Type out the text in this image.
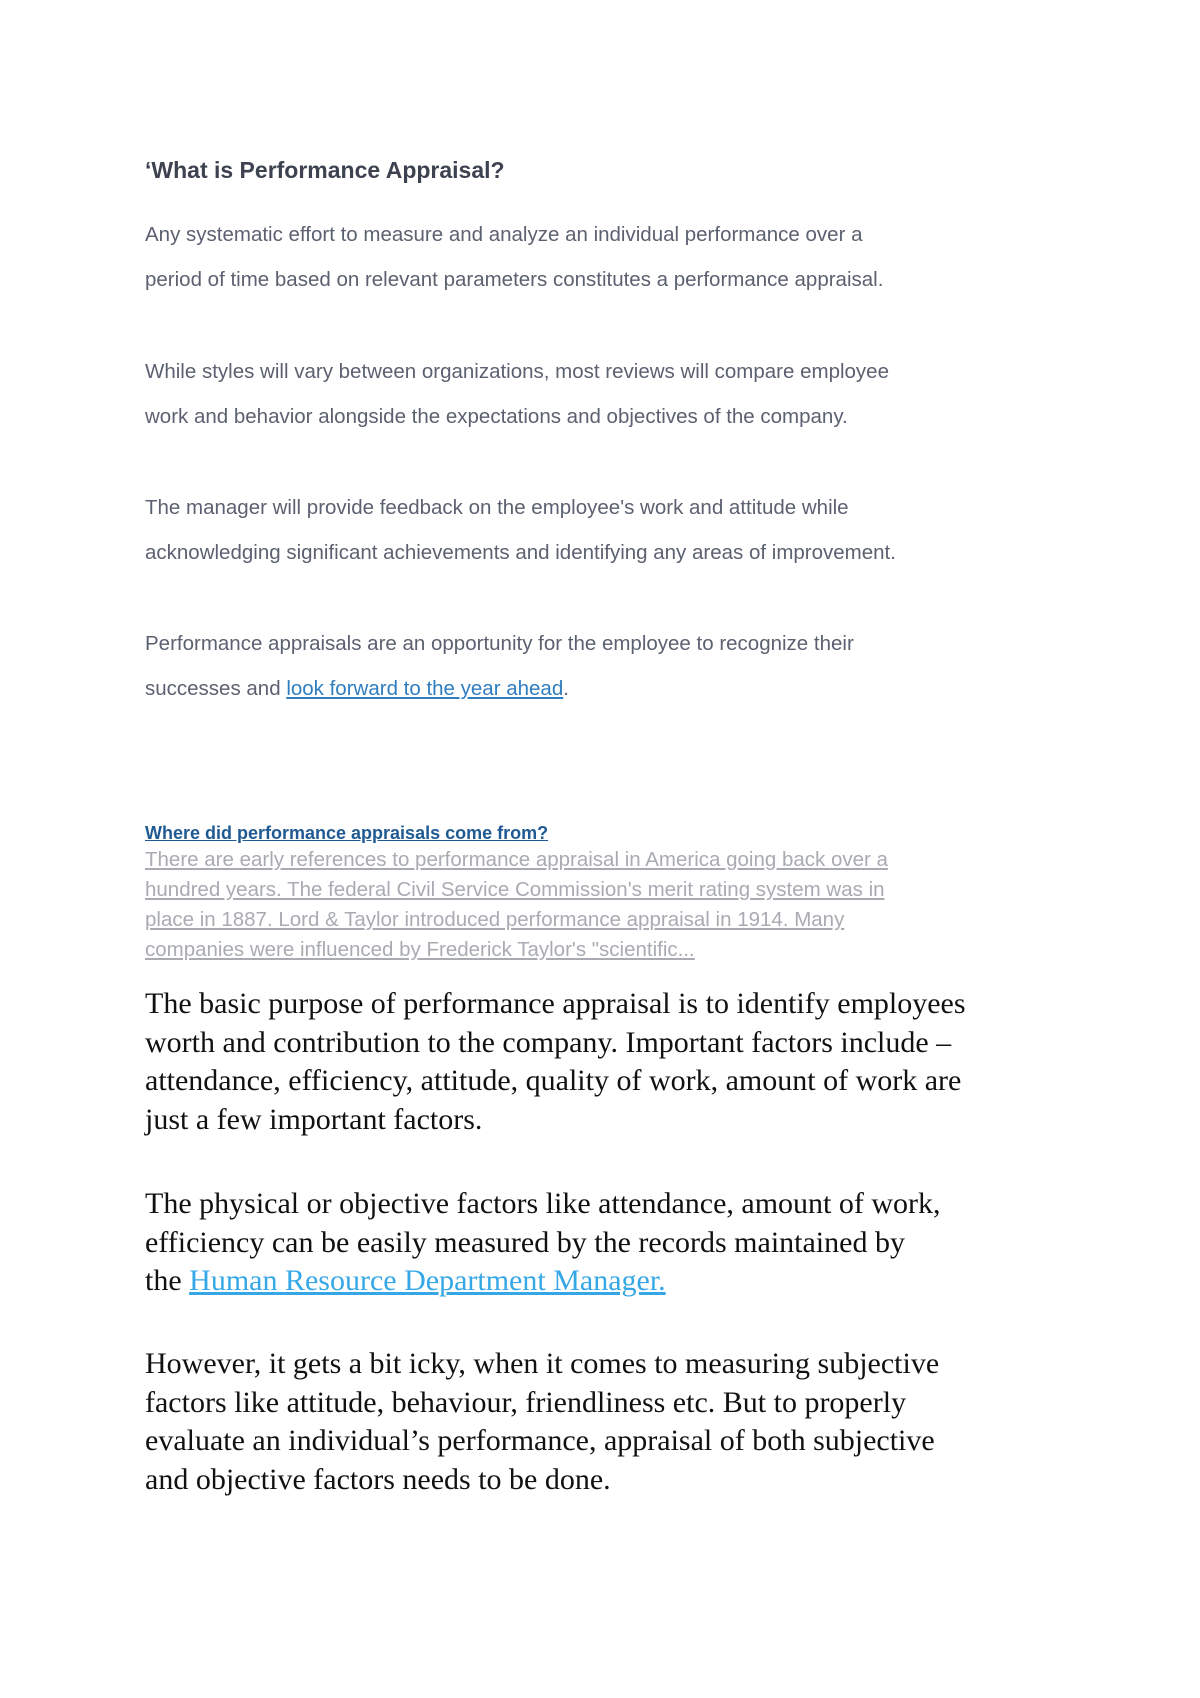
‘What is Performance Appraisal?

Any systematic effort to measure and analyze an individual performance over a
period of time based on relevant parameters constitutes a performance appraisal.

While styles will vary between organizations, most reviews will compare employee
work and behavior alongside the expectations and objectives of the company.

The manager will provide feedback on the employee's work and attitude while
acknowledging significant achievements and identifying any areas of improvement.

Performance appraisals are an opportunity for the employee to recognize their
successes and look forward to the year ahead.

Where did performance appraisals come from?
There are early references to performance appraisal in America going back over a
hundred years. The federal Civil Service Commission's merit rating system was in
place in 1887. Lord & Taylor introduced performance appraisal in 1914. Many
companies were influenced by Frederick Taylor's "scientific...

The basic purpose of performance appraisal is to identify employees
worth and contribution to the company. Important factors include –
attendance, efficiency, attitude, quality of work, amount of work are
just a few important factors.

The physical or objective factors like attendance, amount of work,
efficiency can be easily measured by the records maintained by
the Human Resource Department Manager.

However, it gets a bit icky, when it comes to measuring subjective
factors like attitude, behaviour, friendliness etc. But to properly
evaluate an individual’s performance, appraisal of both subjective
and objective factors needs to be done.
